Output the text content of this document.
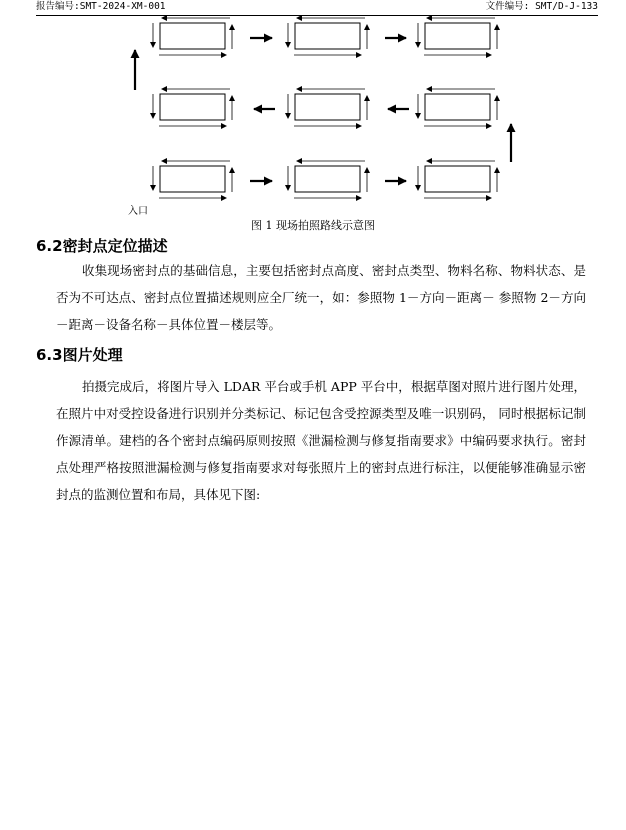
报告编号:SMT-2024-XM-001	文件编号: SMT/D-J-133
入口
图 1 现场拍照路线示意图
6.2密封点定位描述

收集现场密封点的基础信息，主要包括密封点高度、密封点类型、物料名称、物料状态、是否为不可达点、密封点位置描述规则应全厂统一，如：参照物 1－方向－距离－ 参照物 2－方向－距离－设备名称－具体位置－楼层等。

6.3图片处理

拍摄完成后，将图片导入 LDAR 平台或手机 APP 平台中，根据草图对照片进行图片处理，在照片中对受控设备进行识别并分类标记、标记包含受控源类型及唯一识别码， 同时根据标记制作源清单。建档的各个密封点编码原则按照《泄漏检测与修复指南要求》中编码要求执行。密封点处理严格按照泄漏检测与修复指南要求对每张照片上的密封点进行标注，以便能够准确显示密封点的监测位置和布局，具体见下图:
